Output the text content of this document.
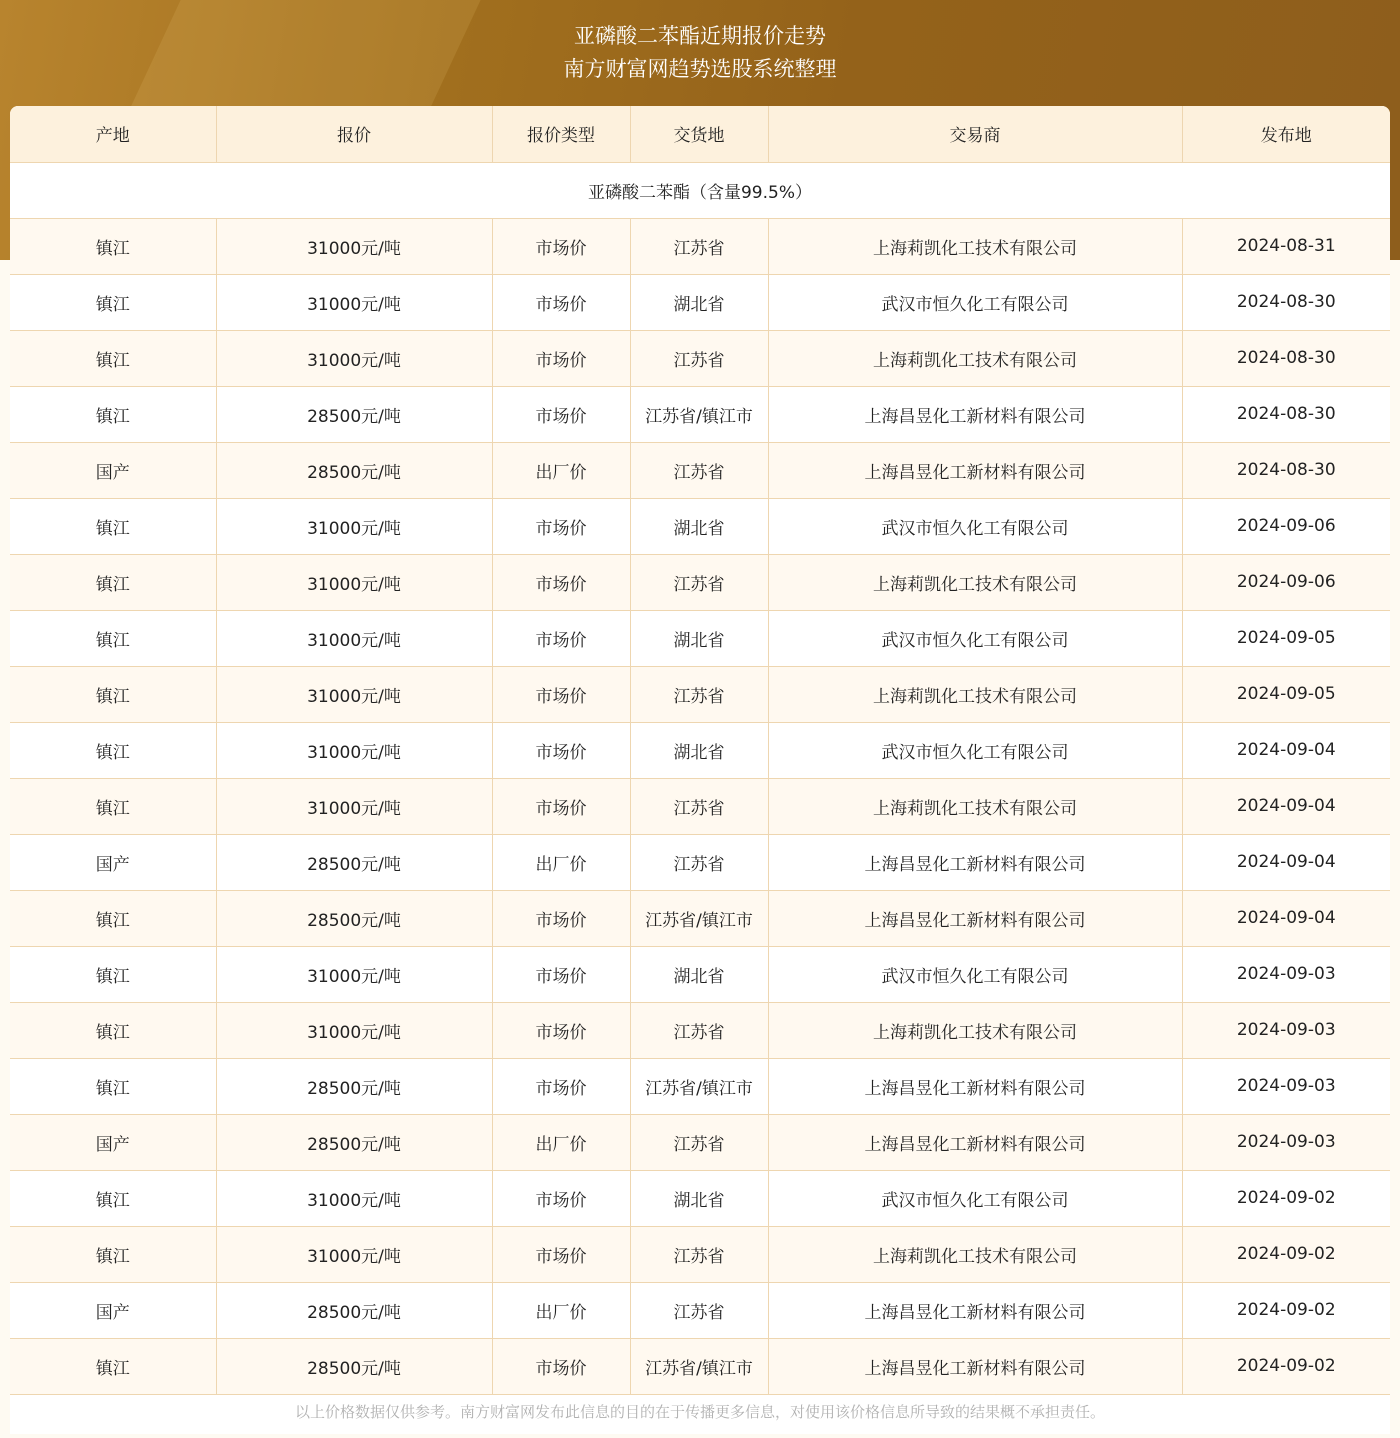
亚磷酸二苯酯近期报价走势
南方财富网趋势选股系统整理
产地	报价	报价类型	交货地	交易商	发布地
亚磷酸二苯酯（含量99.5%）					
镇江	31000元/吨	市场价	江苏省	上海莉凯化工技术有限公司	2024-08-31
镇江	31000元/吨	市场价	湖北省	武汉市恒久化工有限公司	2024-08-30
镇江	31000元/吨	市场价	江苏省	上海莉凯化工技术有限公司	2024-08-30
镇江	28500元/吨	市场价	江苏省/镇江市	上海昌昱化工新材料有限公司	2024-08-30
国产	28500元/吨	出厂价	江苏省	上海昌昱化工新材料有限公司	2024-08-30
镇江	31000元/吨	市场价	湖北省	武汉市恒久化工有限公司	2024-09-06
镇江	31000元/吨	市场价	江苏省	上海莉凯化工技术有限公司	2024-09-06
镇江	31000元/吨	市场价	湖北省	武汉市恒久化工有限公司	2024-09-05
镇江	31000元/吨	市场价	江苏省	上海莉凯化工技术有限公司	2024-09-05
镇江	31000元/吨	市场价	湖北省	武汉市恒久化工有限公司	2024-09-04
镇江	31000元/吨	市场价	江苏省	上海莉凯化工技术有限公司	2024-09-04
国产	28500元/吨	出厂价	江苏省	上海昌昱化工新材料有限公司	2024-09-04
镇江	28500元/吨	市场价	江苏省/镇江市	上海昌昱化工新材料有限公司	2024-09-04
镇江	31000元/吨	市场价	湖北省	武汉市恒久化工有限公司	2024-09-03
镇江	31000元/吨	市场价	江苏省	上海莉凯化工技术有限公司	2024-09-03
镇江	28500元/吨	市场价	江苏省/镇江市	上海昌昱化工新材料有限公司	2024-09-03
国产	28500元/吨	出厂价	江苏省	上海昌昱化工新材料有限公司	2024-09-03
镇江	31000元/吨	市场价	湖北省	武汉市恒久化工有限公司	2024-09-02
镇江	31000元/吨	市场价	江苏省	上海莉凯化工技术有限公司	2024-09-02
国产	28500元/吨	出厂价	江苏省	上海昌昱化工新材料有限公司	2024-09-02
镇江	28500元/吨	市场价	江苏省/镇江市	上海昌昱化工新材料有限公司	2024-09-02
以上价格数据仅供参考。南方财富网发布此信息的目的在于传播更多信息，对使用该价格信息所导致的结果概不承担责任。
